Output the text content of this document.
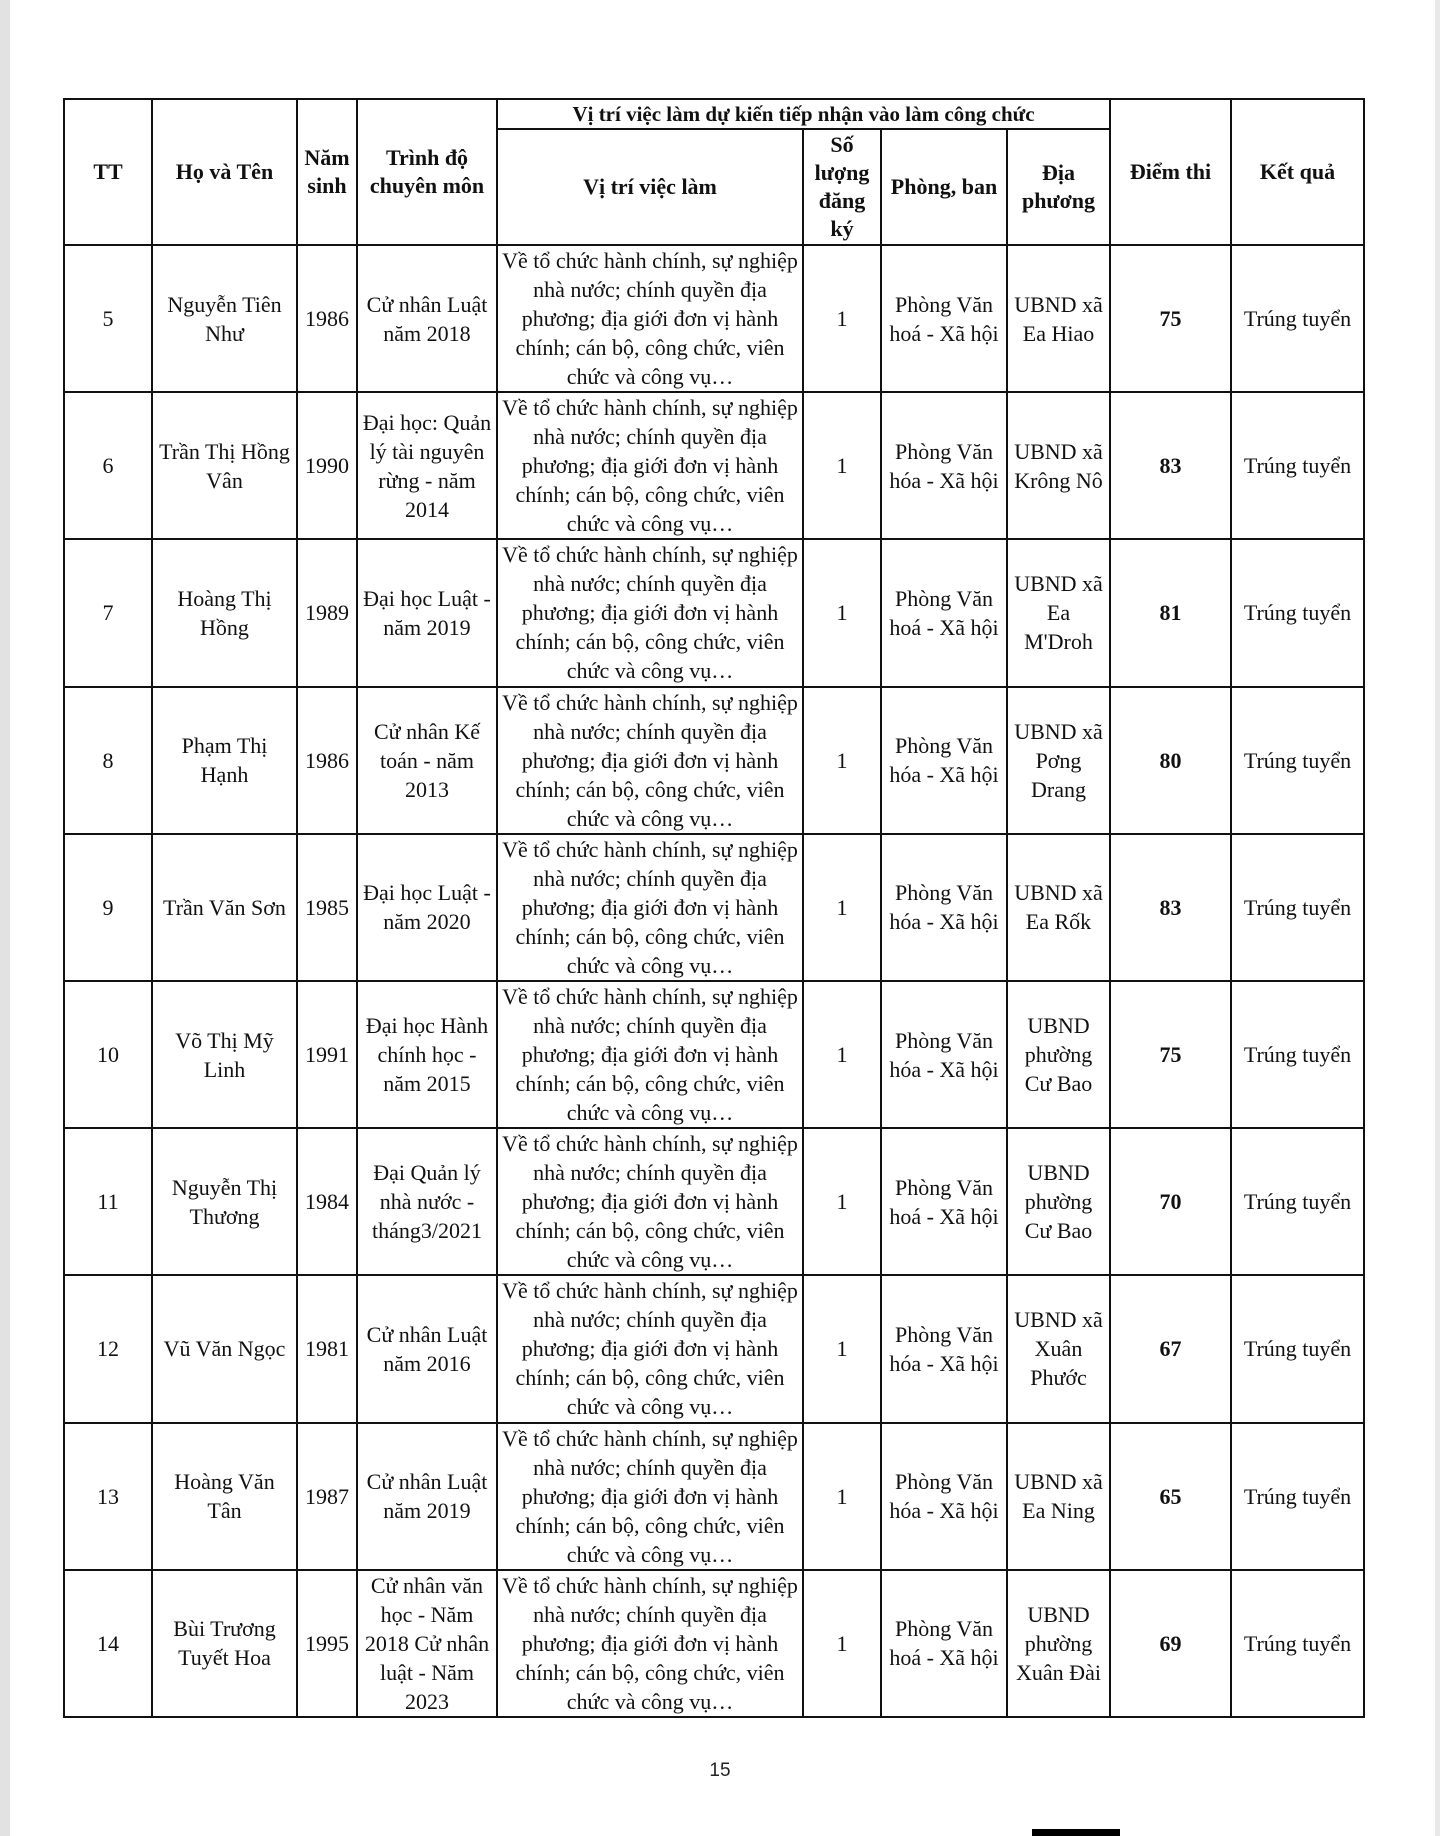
TT	Họ và Tên	Năm sinh	Trình độ chuyên môn	Vị trí việc làm dự kiến tiếp nhận vào làm công chức				Điểm thi	Kết quả
				Vị trí việc làm	Số lượng đăng ký	Phòng, ban	Địa phương		
5	Nguyễn Tiên Như	1986	Cử nhân Luật năm 2018	Về tổ chức hành chính, sự nghiệp nhà nước; chính quyền địa phương; địa giới đơn vị hành chính; cán bộ, công chức, viên chức và công vụ…	1	Phòng Văn hoá - Xã hội	UBND xã Ea Hiao	75	Trúng tuyển
6	Trần Thị Hồng Vân	1990	Đại học: Quản lý tài nguyên rừng - năm 2014	Về tổ chức hành chính, sự nghiệp nhà nước; chính quyền địa phương; địa giới đơn vị hành chính; cán bộ, công chức, viên chức và công vụ…	1	Phòng Văn hóa - Xã hội	UBND xã Krông Nô	83	Trúng tuyển
7	Hoàng Thị Hồng	1989	Đại học Luật - năm 2019	Về tổ chức hành chính, sự nghiệp nhà nước; chính quyền địa phương; địa giới đơn vị hành chính; cán bộ, công chức, viên chức và công vụ…	1	Phòng Văn hoá - Xã hội	UBND xã Ea M'Droh	81	Trúng tuyển
8	Phạm Thị Hạnh	1986	Cử nhân Kế toán - năm 2013	Về tổ chức hành chính, sự nghiệp nhà nước; chính quyền địa phương; địa giới đơn vị hành chính; cán bộ, công chức, viên chức và công vụ…	1	Phòng Văn hóa - Xã hội	UBND xã Pơng Drang	80	Trúng tuyển
9	Trần Văn Sơn	1985	Đại học Luật - năm 2020	Về tổ chức hành chính, sự nghiệp nhà nước; chính quyền địa phương; địa giới đơn vị hành chính; cán bộ, công chức, viên chức và công vụ…	1	Phòng Văn hóa - Xã hội	UBND xã Ea Rốk	83	Trúng tuyển
10	Võ Thị Mỹ Linh	1991	Đại học Hành chính học - năm 2015	Về tổ chức hành chính, sự nghiệp nhà nước; chính quyền địa phương; địa giới đơn vị hành chính; cán bộ, công chức, viên chức và công vụ…	1	Phòng Văn hóa - Xã hội	UBND phường Cư Bao	75	Trúng tuyển
11	Nguyễn Thị Thương	1984	Đại Quản lý nhà nước - tháng3/2021	Về tổ chức hành chính, sự nghiệp nhà nước; chính quyền địa phương; địa giới đơn vị hành chính; cán bộ, công chức, viên chức và công vụ…	1	Phòng Văn hoá - Xã hội	UBND phường Cư Bao	70	Trúng tuyển
12	Vũ Văn Ngọc	1981	Cử nhân Luật năm 2016	Về tổ chức hành chính, sự nghiệp nhà nước; chính quyền địa phương; địa giới đơn vị hành chính; cán bộ, công chức, viên chức và công vụ…	1	Phòng Văn hóa - Xã hội	UBND xã Xuân Phước	67	Trúng tuyển
13	Hoàng Văn Tân	1987	Cử nhân Luật năm 2019	Về tổ chức hành chính, sự nghiệp nhà nước; chính quyền địa phương; địa giới đơn vị hành chính; cán bộ, công chức, viên chức và công vụ…	1	Phòng Văn hóa - Xã hội	UBND xã Ea Ning	65	Trúng tuyển
14	Bùi Trương Tuyết Hoa	1995	Cử nhân văn học - Năm 2018 Cử nhân luật - Năm 2023	Về tổ chức hành chính, sự nghiệp nhà nước; chính quyền địa phương; địa giới đơn vị hành chính; cán bộ, công chức, viên chức và công vụ…	1	Phòng Văn hoá - Xã hội	UBND phường Xuân Đài	69	Trúng tuyển
15
